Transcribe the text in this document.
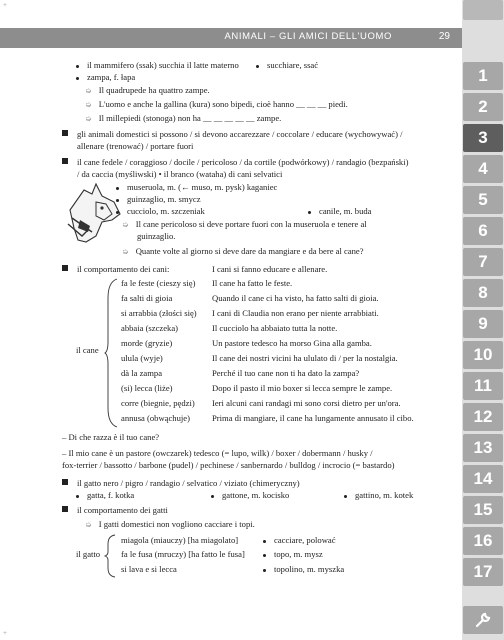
il mammifero (ssak) succhia il latte materno	succhiare, ssać
zampa, f. łapa
➭ Il quadrupede ha quattro zampe.
➭ L'uomo e anche la gallina (kura) sono bipedi, cioè hanno __ __ __ piedi.
➭ Il millepiedi (stonoga) non ha __ __ __ __ __ zampe.
gli animali domestici si possono / si devono accarezzare / coccolare / educare (wychowywać) /
allenare (trenować) / portare fuori
il cane fedele / coraggioso / docile / pericoloso / da cortile (podwórkowy) / randagio (bezpański)
/ da caccia (myśliwski) • il branco (watаha) di cani selvatici
museruola, m. (← muso, m. pysk) kaganiec
guinzaglio, m. smycz
cucciolo, m. szczeniak	canile, m. buda
➭ Il cane pericoloso si deve portare fuori con la museruola e tenere al
guinzaglio.
➭ Quante volte al giorno si deve dare da mangiare e da bere al cane?
il comportamento dei cani:	I cani si fanno educare e allenare.
il cane
fa le feste (cieszy się) Il cane ha fatto le feste.
fa salti di gioia	Quando il cane ci ha visto, ha fatto salti di gioia.
si arrabbia (złości się) I cani di Claudia non erano per niente arrabbiati.
abbaia (szczeka)	Il cucciolo ha abbaiato tutta la notte.
morde (gryzie)	Un pastore tedesco ha morso Gina alla gamba.
ulula (wyje)	Il cane dei nostri vicini ha ululato di / per la nostalgia.
dà la zampa	Perché il tuo cane non ti ha dato la zampa?
(si) lecca (liże)	Dopo il pasto il mio boxer si lecca sempre le zampe.
corre (biegnie, pędzi) Ieri alcuni cani randagi mi sono corsi dietro per un'ora.
annusa (obwąchuje)	Prima di mangiare, il cane ha lungamente annusato il cibo.
– Di che razza è il tuo cane?
– Il mio cane è un pastore (owczarek) tedesco (= lupo, wilk) / boxer / dobermann / husky /
fox-terrier / bassotto / barbone (pudel) / pechinese / sanbernardo / bulldog / incrocio (= bastardo)
il gatto nero / pigro / randagio / selvatico / viziato (chimeryczny)
gatta, f. kotka	gattone, m. kocisko	gattino, m. kotek
il comportamento dei gatti
➭ I gatti domestici non vogliono cacciare i topi.
il gatto
miagola (miauczy) [ha miagolato]	cacciare, polować
fa le fusa (mruczy) [ha fatto le fusa]	topo, m. mysz
si lava e si lecca	topolino, m. myszka
ANIMALI – GLI AMICI DELL'UOMO	29
1
2
3
4
5
6
7
8
9
10
11
12
13
14
15
16
17
+
+
